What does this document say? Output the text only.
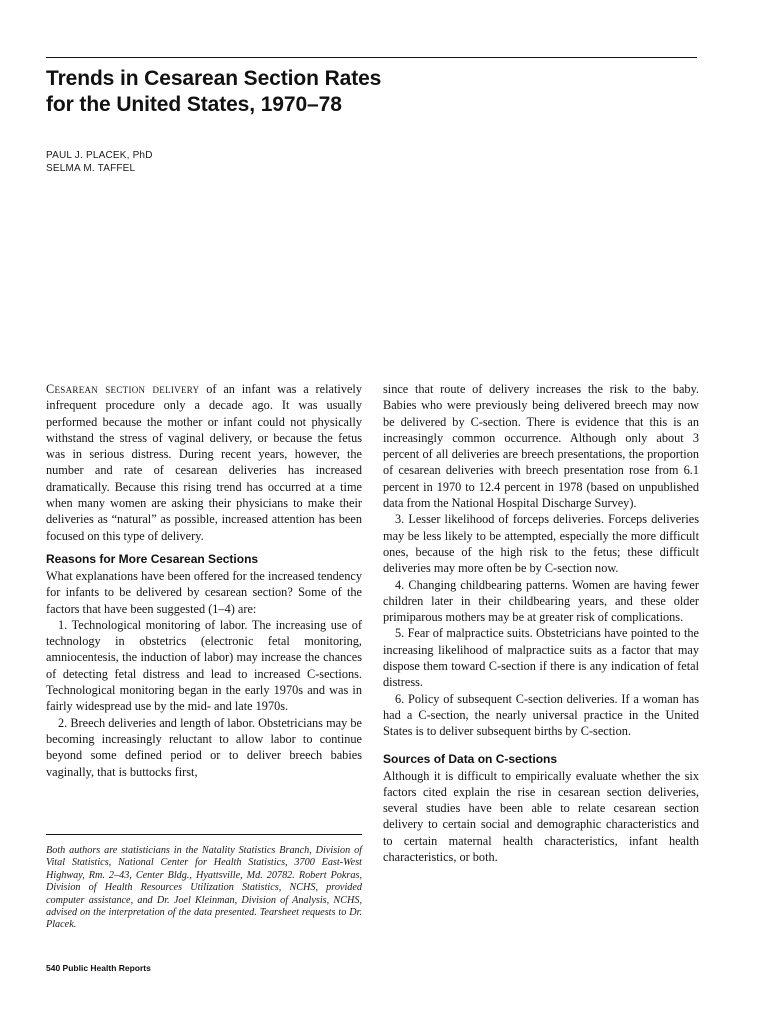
Trends in Cesarean Section Rates
for the United States, 1970–78
PAUL J. PLACEK, PhD
SELMA M. TAFFEL

Cesarean section delivery of an infant was a relatively infrequent procedure only a decade ago. It was usually performed because the mother or infant could not physically withstand the stress of vaginal delivery, or because the fetus was in serious distress. During recent years, however, the number and rate of cesarean deliveries has increased dramatically. Because this rising trend has occurred at a time when many women are asking their physicians to make their deliveries as “natural” as possible, increased attention has been focused on this type of delivery.

Reasons for More Cesarean Sections

What explanations have been offered for the increased tendency for infants to be delivered by cesarean section? Some of the factors that have been suggested (1–4) are:

1. Technological monitoring of labor. The increasing use of technology in obstetrics (electronic fetal monitoring, amniocentesis, the induction of labor) may increase the chances of detecting fetal distress and lead to increased C-sections. Technological monitoring began in the early 1970s and was in fairly widespread use by the mid- and late 1970s.

2. Breech deliveries and length of labor. Obstetricians may be becoming increasingly reluctant to allow labor to continue beyond some defined period or to deliver breech babies vaginally, that is buttocks first,

since that route of delivery increases the risk to the baby. Babies who were previously being delivered breech may now be delivered by C-section. There is evidence that this is an increasingly common occurrence. Although only about 3 percent of all deliveries are breech presentations, the proportion of cesarean deliveries with breech presentation rose from 6.1 percent in 1970 to 12.4 percent in 1978 (based on unpublished data from the National Hospital Discharge Survey).

3. Lesser likelihood of forceps deliveries. Forceps deliveries may be less likely to be attempted, especially the more difficult ones, because of the high risk to the fetus; these difficult deliveries may more often be by C-section now.

4. Changing childbearing patterns. Women are having fewer children later in their childbearing years, and these older primiparous mothers may be at greater risk of complications.

5. Fear of malpractice suits. Obstetricians have pointed to the increasing likelihood of malpractice suits as a factor that may dispose them toward C-section if there is any indication of fetal distress.

6. Policy of subsequent C-section deliveries. If a woman has had a C-section, the nearly universal practice in the United States is to deliver subsequent births by C-section.

Sources of Data on C-sections

Although it is difficult to empirically evaluate whether the six factors cited explain the rise in cesarean section deliveries, several studies have been able to relate cesarean section delivery to certain social and demographic characteristics and to certain maternal health characteristics, infant health characteristics, or both.

Both authors are statisticians in the Natality Statistics Branch, Division of Vital Statistics, National Center for Health Statistics, 3700 East-West Highway, Rm. 2–43, Center Bldg., Hyattsville, Md. 20782. Robert Pokras, Division of Health Resources Utilization Statistics, NCHS, provided computer assistance, and Dr. Joel Kleinman, Division of Analysis, NCHS, advised on the interpretation of the data presented. Tearsheet requests to Dr. Placek.

540 Public Health Reports
